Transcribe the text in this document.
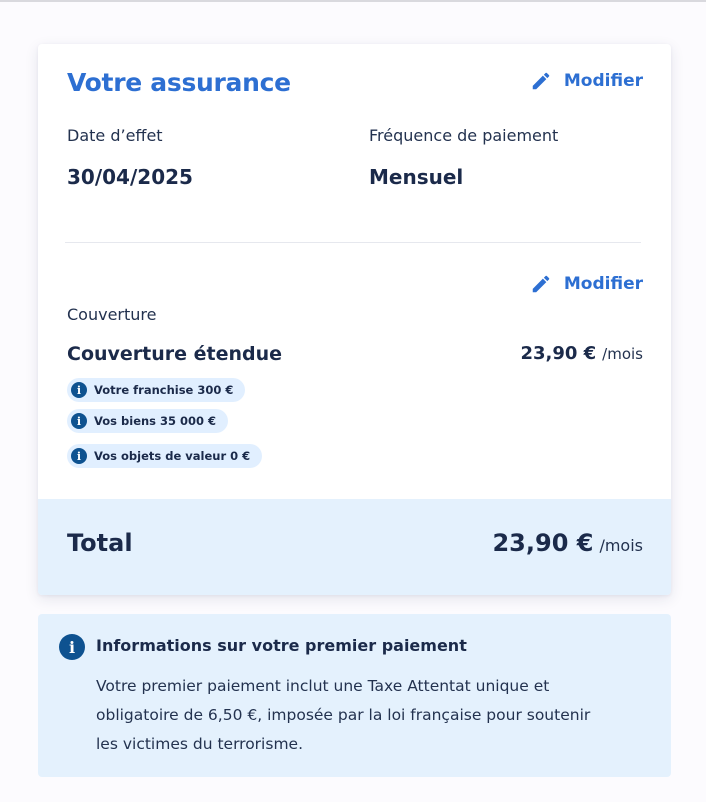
Votre assurance	Modifier
Date d’effet
30/04/2025
Fréquence de paiement
Mensuel
Modifier
Couverture
Couverture étendue	23,90 € /mois
i	Votre franchise 300 €
i	Vos biens 35 000 €
i	Vos objets de valeur 0 €
Total	23,90 € /mois
i	Informations sur votre premier paiement
Votre premier paiement inclut une Taxe Attentat unique et
obligatoire de 6,50 €, imposée par la loi française pour soutenir
les victimes du terrorisme.
